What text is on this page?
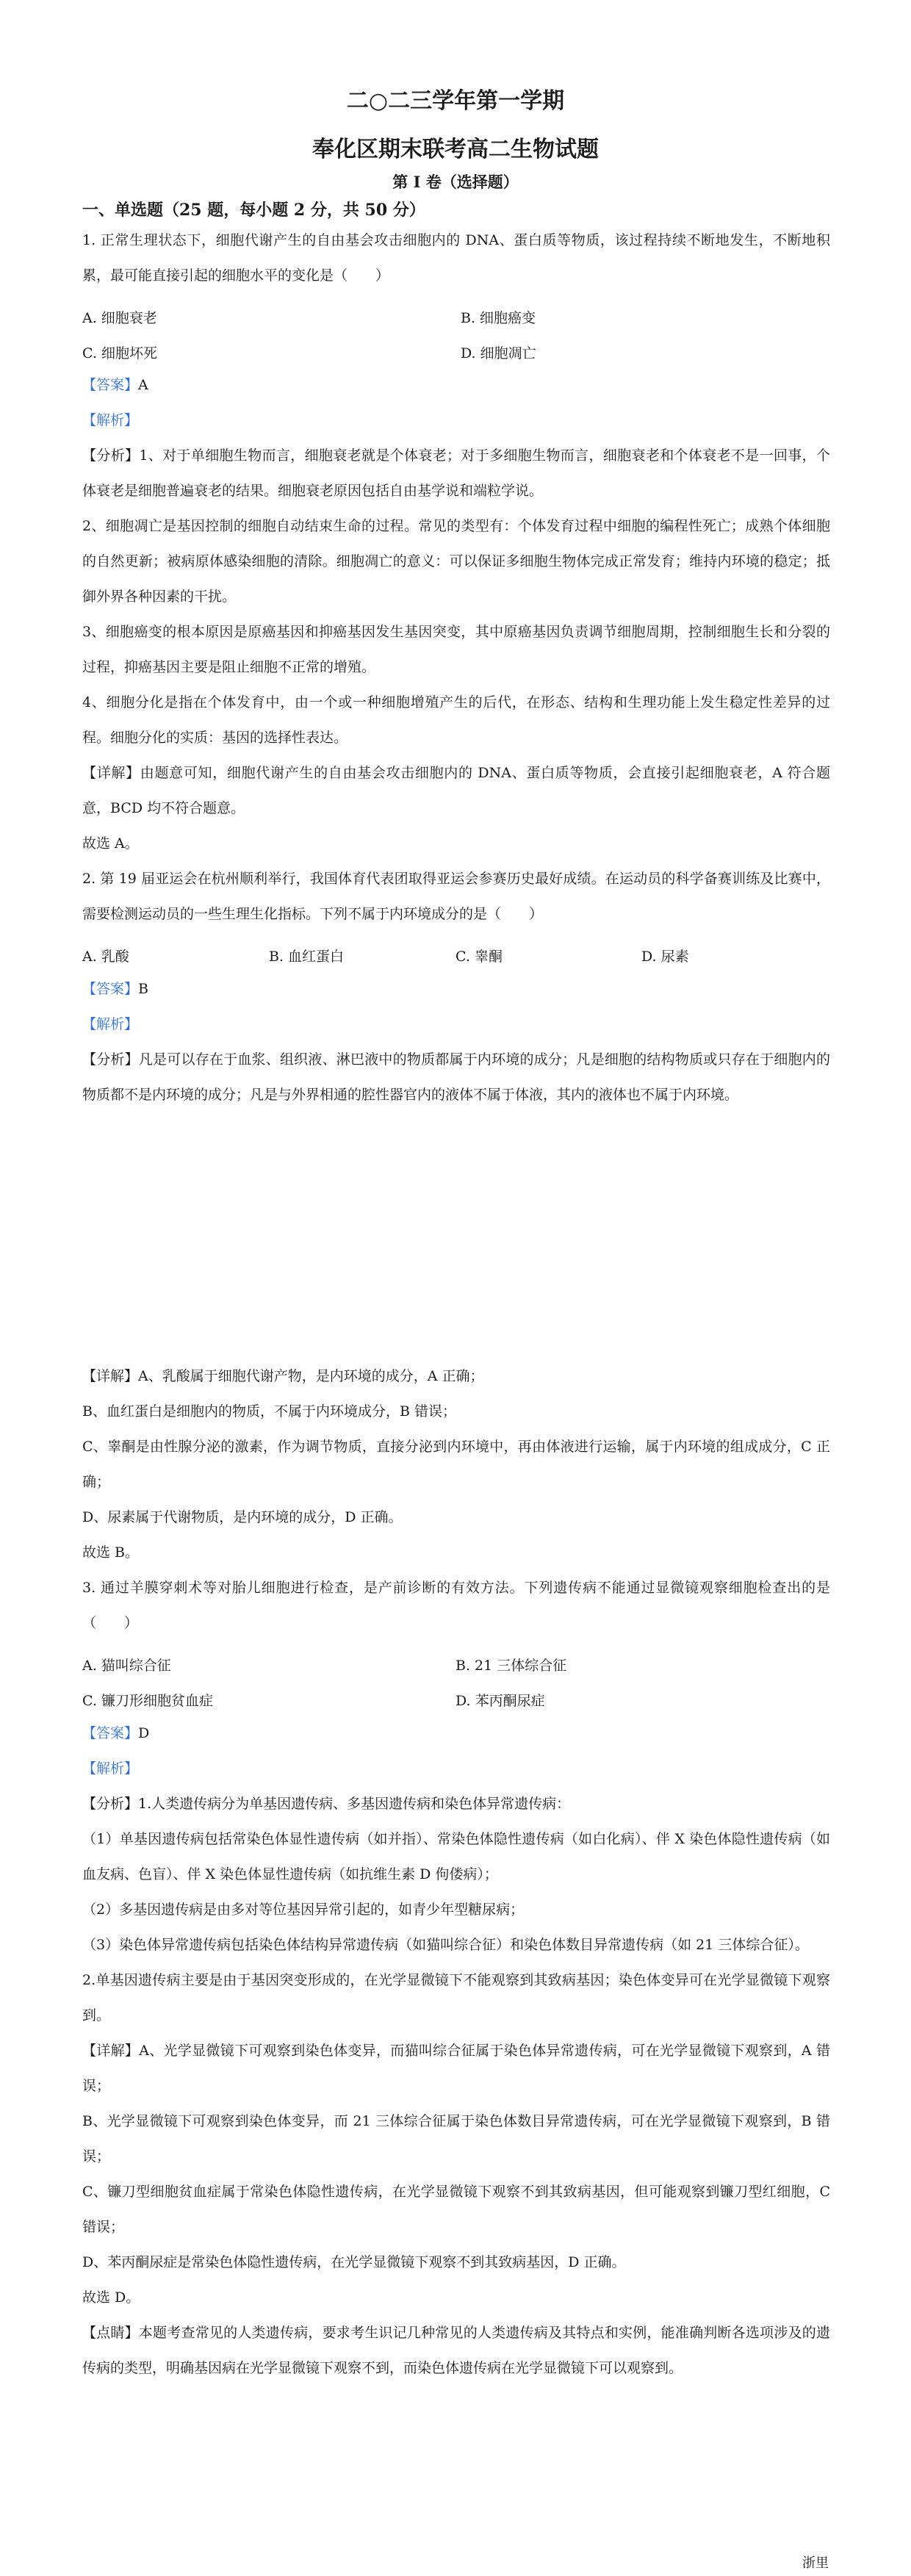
二○二三学年第一学期
奉化区期末联考高二生物试题
第 I 卷（选择题）
一、单选题（25 题，每小题 2 分，共 50 分）

1. 正常生理状态下，细胞代谢产生的自由基会攻击细胞内的 DNA、蛋白质等物质，该过程持续不断地发生，不断地积累，最可能直接引起的细胞水平的变化是（　　）

A. 细胞衰老	B. 细胞癌变
C. 细胞坏死	D. 细胞凋亡
【答案】A
【解析】

【分析】1、对于单细胞生物而言，细胞衰老就是个体衰老；对于多细胞生物而言，细胞衰老和个体衰老不是一回事，个体衰老是细胞普遍衰老的结果。细胞衰老原因包括自由基学说和端粒学说。

2、细胞凋亡是基因控制的细胞自动结束生命的过程。常见的类型有：个体发育过程中细胞的编程性死亡；成熟个体细胞的自然更新；被病原体感染细胞的清除。细胞凋亡的意义：可以保证多细胞生物体完成正常发育；维持内环境的稳定；抵御外界各种因素的干扰。

3、细胞癌变的根本原因是原癌基因和抑癌基因发生基因突变，其中原癌基因负责调节细胞周期，控制细胞生长和分裂的过程，抑癌基因主要是阻止细胞不正常的增殖。

4、细胞分化是指在个体发育中，由一个或一种细胞增殖产生的后代，在形态、结构和生理功能上发生稳定性差异的过程。细胞分化的实质：基因的选择性表达。

【详解】由题意可知，细胞代谢产生的自由基会攻击细胞内的 DNA、蛋白质等物质，会直接引起细胞衰老，A 符合题意，BCD 均不符合题意。

故选 A。

2. 第 19 届亚运会在杭州顺利举行，我国体育代表团取得亚运会参赛历史最好成绩。在运动员的科学备赛训练及比赛中，需要检测运动员的一些生理生化指标。下列不属于内环境成分的是（　　）

A. 乳酸	B. 血红蛋白	C. 睾酮	D. 尿素
【答案】B
【解析】

【分析】凡是可以存在于血浆、组织液、淋巴液中的物质都属于内环境的成分；凡是细胞的结构物质或只存在于细胞内的物质都不是内环境的成分；凡是与外界相通的腔性器官内的液体不属于体液，其内的液体也不属于内环境。

【详解】A、乳酸属于细胞代谢产物，是内环境的成分，A 正确；

B、血红蛋白是细胞内的物质，不属于内环境成分，B 错误；

C、睾酮是由性腺分泌的激素，作为调节物质，直接分泌到内环境中，再由体液进行运输，属于内环境的组成成分，C 正确；

D、尿素属于代谢物质，是内环境的成分，D 正确。

故选 B。

3. 通过羊膜穿刺术等对胎儿细胞进行检查，是产前诊断的有效方法。下列遗传病不能通过显微镜观察细胞检查出的是（　　）

A. 猫叫综合征	B. 21 三体综合征
C. 镰刀形细胞贫血症	D. 苯丙酮尿症
【答案】D
【解析】

【分析】1.人类遗传病分为单基因遗传病、多基因遗传病和染色体异常遗传病：

（1）单基因遗传病包括常染色体显性遗传病（如并指）、常染色体隐性遗传病（如白化病）、伴 X 染色体隐性遗传病（如血友病、色盲）、伴 X 染色体显性遗传病（如抗维生素 D 佝偻病）；

（2）多基因遗传病是由多对等位基因异常引起的，如青少年型糖尿病；

（3）染色体异常遗传病包括染色体结构异常遗传病（如猫叫综合征）和染色体数目异常遗传病（如 21 三体综合征）。

2.单基因遗传病主要是由于基因突变形成的，在光学显微镜下不能观察到其致病基因；染色体变异可在光学显微镜下观察到。

【详解】A、光学显微镜下可观察到染色体变异，而猫叫综合征属于染色体异常遗传病，可在光学显微镜下观察到，A 错误；

B、光学显微镜下可观察到染色体变异，而 21 三体综合征属于染色体数目异常遗传病，可在光学显微镜下观察到，B 错误；

C、镰刀型细胞贫血症属于常染色体隐性遗传病，在光学显微镜下观察不到其致病基因，但可能观察到镰刀型红细胞，C 错误；

D、苯丙酮尿症是常染色体隐性遗传病，在光学显微镜下观察不到其致病基因，D 正确。

故选 D。

【点睛】本题考查常见的人类遗传病，要求考生识记几种常见的人类遗传病及其特点和实例，能准确判断各选项涉及的遗传病的类型，明确基因病在光学显微镜下观察不到，而染色体遗传病在光学显微镜下可以观察到。

浙里
